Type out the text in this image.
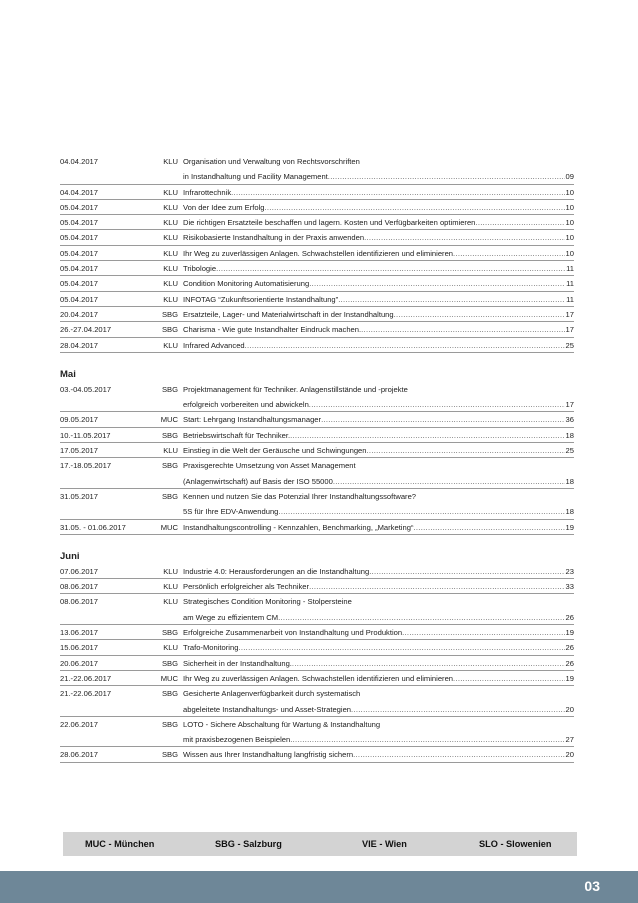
04.04.2017	KLU Organisation und Verwaltung von Rechtsvorschriften
in Instandhaltung und Facility Management .....	09
04.04.2017	KLU Infrarottechnik .....	10
05.04.2017	KLU Von der Idee zum Erfolg .....	10
05.04.2017	KLU Die richtigen Ersatzteile beschaffen und lagern. Kosten und Verfügbarkeiten optimieren .....	10
05.04.2017	KLU Risikobasierte Instandhaltung in der Praxis anwenden .....	10
05.04.2017	KLU Ihr Weg zu zuverlässigen Anlagen. Schwachstellen identifizieren und eliminieren .....	10
05.04.2017	KLU Tribologie .....	11
05.04.2017	KLU Condition Monitoring Automatisierung .....	11
05.04.2017	KLU INFOTAG “Zukunftsorientierte Instandhaltung” .....	11
20.04.2017	SBG Ersatzteile, Lager- und Materialwirtschaft in der Instandhaltung .....	17
26.-27.04.2017	SBG Charisma - Wie gute Instandhalter Eindruck machen. .....	17
28.04.2017	KLU Infrared Advanced .....	25
Mai
03.-04.05.2017	SBG Projektmanagement für Techniker. Anlagenstillstände und -projekte
erfolgreich vorbereiten und abwickeln .....	17
09.05.2017	MUC Start: Lehrgang Instandhaltungsmanager .....	36
10.-11.05.2017	SBG Betriebswirtschaft für Techniker. .....	18
17.05.2017	KLU Einstieg in die Welt der Geräusche und Schwingungen .....	25
17.-18.05.2017	SBG Praxisgerechte Umsetzung von Asset Management
(Anlagenwirtschaft) auf Basis der ISO 55000 .....	18
31.05.2017	SBG Kennen und nutzen Sie das Potenzial Ihrer Instandhaltungssoftware?
5S für Ihre EDV-Anwendung .....	18
31.05. - 01.06.2017	MUC Instandhaltungscontrolling - Kennzahlen, Benchmarking, „Marketing“ .....	19
Juni
07.06.2017	KLU Industrie 4.0: Herausforderungen an die Instandhaltung .....	23
08.06.2017	KLU Persönlich erfolgreicher als Techniker .....	33
08.06.2017	KLU Strategisches Condition Monitoring - Stolpersteine
am Wege zu effizientem CM .....	26
13.06.2017	SBG Erfolgreiche Zusammenarbeit von Instandhaltung und Produktion .....	19
15.06.2017	KLU Trafo-Monitoring .....	26
20.06.2017	SBG Sicherheit in der Instandhaltung. .....	26
21.-22.06.2017	MUC Ihr Weg zu zuverlässigen Anlagen. Schwachstellen identifizieren und eliminieren .....	19
21.-22.06.2017	SBG Gesicherte Anlagenverfügbarkeit durch systematisch
abgeleitete Instandhaltungs- und Asset-Strategien .....	20
22.06.2017	SBG LOTO - Sichere Abschaltung für Wartung & Instandhaltung
mit praxisbezogenen Beispielen .....	27
28.06.2017	SBG Wissen aus Ihrer Instandhaltung langfristig sichern .....	20
MUC - München	SBG - Salzburg	VIE - Wien	SLO - Slowenien
03
